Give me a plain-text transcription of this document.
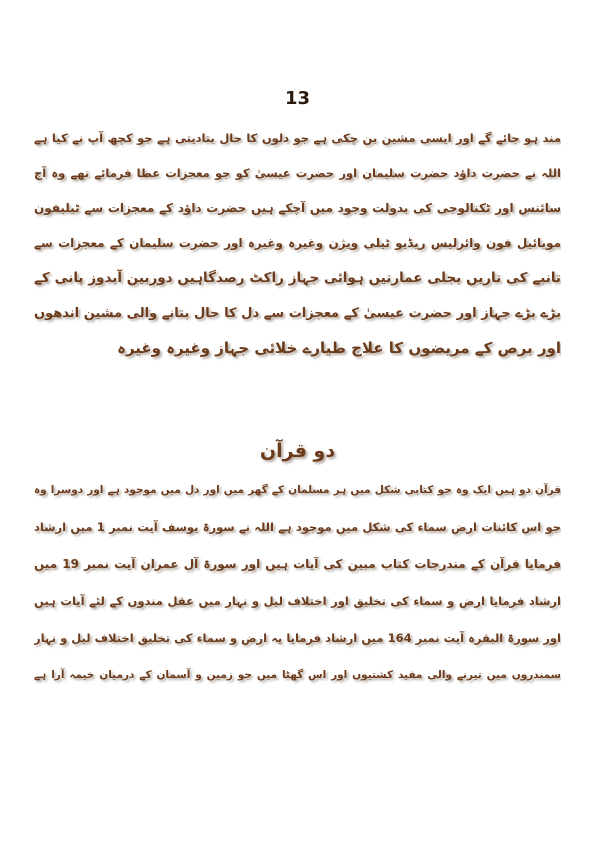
13
مند ہو جائے گے اور ایسی مشین بن چکی ہے جو دلوں کا حال بتادیتی ہے جو کچھ آپ نے کیا ہے
اللہ نے حضرت داؤد حضرت سلیمان اور حضرت عیسیٰ کو جو معجزات عطا فرمائے تھے وہ آج
سائنس اور ٹکنالوجی کی بدولت وجود میں آچکے ہیں حضرت داؤد کے معجزات سے ٹیلیفون
موبائیل فون وائرلیس ریڈیو ٹیلی ویژن وغیرہ وغیرہ اور حضرت سلیمان کے معجزات سے
تانبے کی تاریں بجلی عمارتیں ہوائی جہاز راکٹ رصدگاہیں دوربین آبدوز پانی کے
بڑے بڑے جہاز اور حضرت عیسیٰ کے معجزات سے دل کا حال بتانے والی مشین اندھوں
اور برص کے مریضوں کا علاج طیارے خلائی جہاز وغیرہ وغیرہ
دو قرآن
قرآن دو ہیں ایک وہ جو کتابی شکل میں ہر مسلمان کے گھر میں اور دل میں موجود ہے اور دوسرا وہ
جو اس کائنات ارض سماء کی شکل میں موجود ہے اللہ نے سورۃ یوسف آیت نمبر 1 میں ارشاد
فرمایا قرآن کے مندرجات کتاب مبین کی آیات ہیں اور سورۃ آل عمران آیت نمبر 19 میں
ارشاد فرمایا ارض و سماء کی تخلیق اور اختلاف لیل و نہار میں عقل مندوں کے لئے آیات ہیں
اور سورۃ البقرہ آیت نمبر 164 میں ارشاد فرمایا یہ ارض و سماء کی تخلیق اختلاف لیل و نہار
سمندروں میں تیرنے والی مفید کشتیوں اور اس گھٹا میں جو زمین و آسمان کے درمیان خیمہ آرا ہے
